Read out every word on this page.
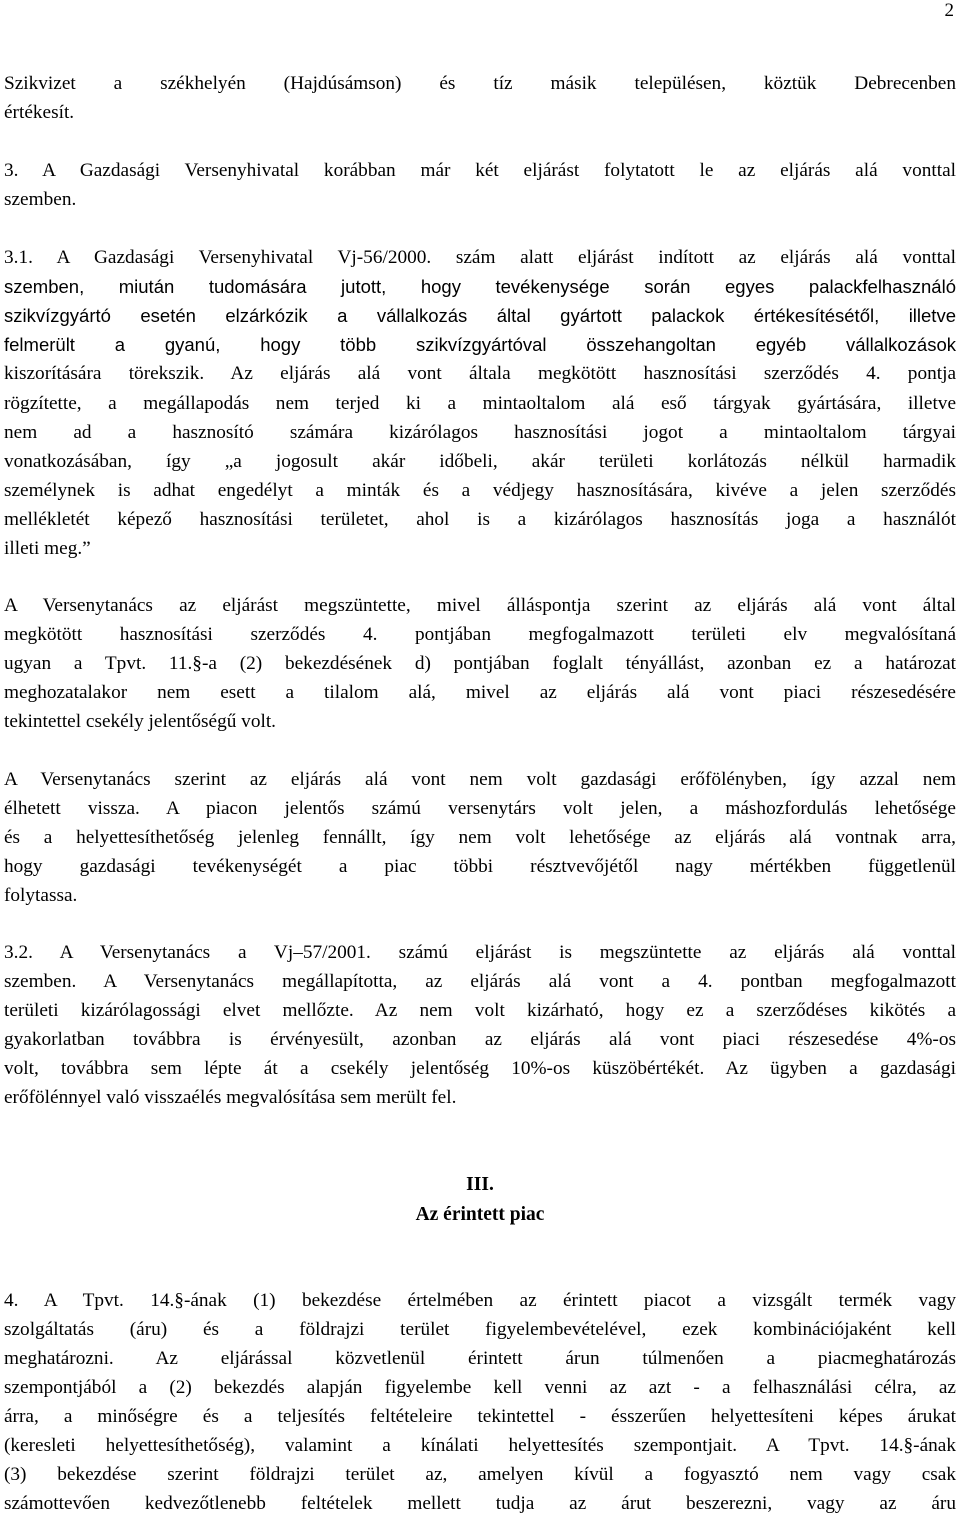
2
Szikvizet a székhelyén (Hajdúsámson) és tíz másik településen, köztük Debrecenben
értékesít.
3. A Gazdasági Versenyhivatal korábban már két eljárást folytatott le az eljárás alá vonttal
szemben.
3.1. A Gazdasági Versenyhivatal Vj-56/2000. szám alatt eljárást indított az eljárás alá vonttal
szemben, miután tudomására jutott, hogy tevékenysége során egyes palackfelhasználó
szikvízgyártó esetén elzárkózik a vállalkozás által gyártott palackok értékesítésétől, illetve
felmerült a gyanú, hogy több szikvízgyártóval összehangoltan egyéb vállalkozások
kiszorítására törekszik. Az eljárás alá vont általa megkötött hasznosítási szerződés 4. pontja
rögzítette, a megállapodás nem terjed ki a mintaoltalom alá eső tárgyak gyártására, illetve
nem ad a hasznosító számára kizárólagos hasznosítási jogot a mintaoltalom tárgyai
vonatkozásában, így „a jogosult akár időbeli, akár területi korlátozás nélkül harmadik
személynek is adhat engedélyt a minták és a védjegy hasznosítására, kivéve a jelen szerződés
mellékletét képező hasznosítási területet, ahol is a kizárólagos hasznosítás joga a használót
illeti meg.”
A Versenytanács az eljárást megszüntette, mivel álláspontja szerint az eljárás alá vont által
megkötött hasznosítási szerződés 4. pontjában megfogalmazott területi elv megvalósítaná
ugyan a Tpvt. 11.§-a (2) bekezdésének d) pontjában foglalt tényállást, azonban ez a határozat
meghozatalakor nem esett a tilalom alá, mivel az eljárás alá vont piaci részesedésére
tekintettel csekély jelentőségű volt.
A Versenytanács szerint az eljárás alá vont nem volt gazdasági erőfölényben, így azzal nem
élhetett vissza. A piacon jelentős számú versenytárs volt jelen, a máshozfordulás lehetősége
és a helyettesíthetőség jelenleg fennállt, így nem volt lehetősége az eljárás alá vontnak arra,
hogy gazdasági tevékenységét a piac többi résztvevőjétől nagy mértékben függetlenül
folytassa.
3.2. A Versenytanács a Vj–57/2001. számú eljárást is megszüntette az eljárás alá vonttal
szemben. A Versenytanács megállapította, az eljárás alá vont a 4. pontban megfogalmazott
területi kizárólagossági elvet mellőzte. Az nem volt kizárható, hogy ez a szerződéses kikötés a
gyakorlatban továbbra is érvényesült, azonban az eljárás alá vont piaci részesedése 4%-os
volt, továbbra sem lépte át a csekély jelentőség 10%-os küszöbértékét. Az ügyben a gazdasági
erőfölénnyel való visszaélés megvalósítása sem merült fel.
III.
Az érintett piac
4. A Tpvt. 14.§-ának (1) bekezdése értelmében az érintett piacot a vizsgált termék vagy
szolgáltatás (áru) és a földrajzi terület figyelembevételével, ezek kombinációjaként kell
meghatározni. Az eljárással közvetlenül érintett árun túlmenően a piacmeghatározás
szempontjából a (2) bekezdés alapján figyelembe kell venni az azt - a felhasználási célra, az
árra, a minőségre és a teljesítés feltételeire tekintettel - ésszerűen helyettesíteni képes árukat
(keresleti helyettesíthetőség), valamint a kínálati helyettesítés szempontjait. A Tpvt. 14.§-ának
(3) bekezdése szerint földrajzi terület az, amelyen kívül a fogyasztó nem vagy csak
számottevően kedvezőtlenebb feltételek mellett tudja az árut beszerezni, vagy az áru
